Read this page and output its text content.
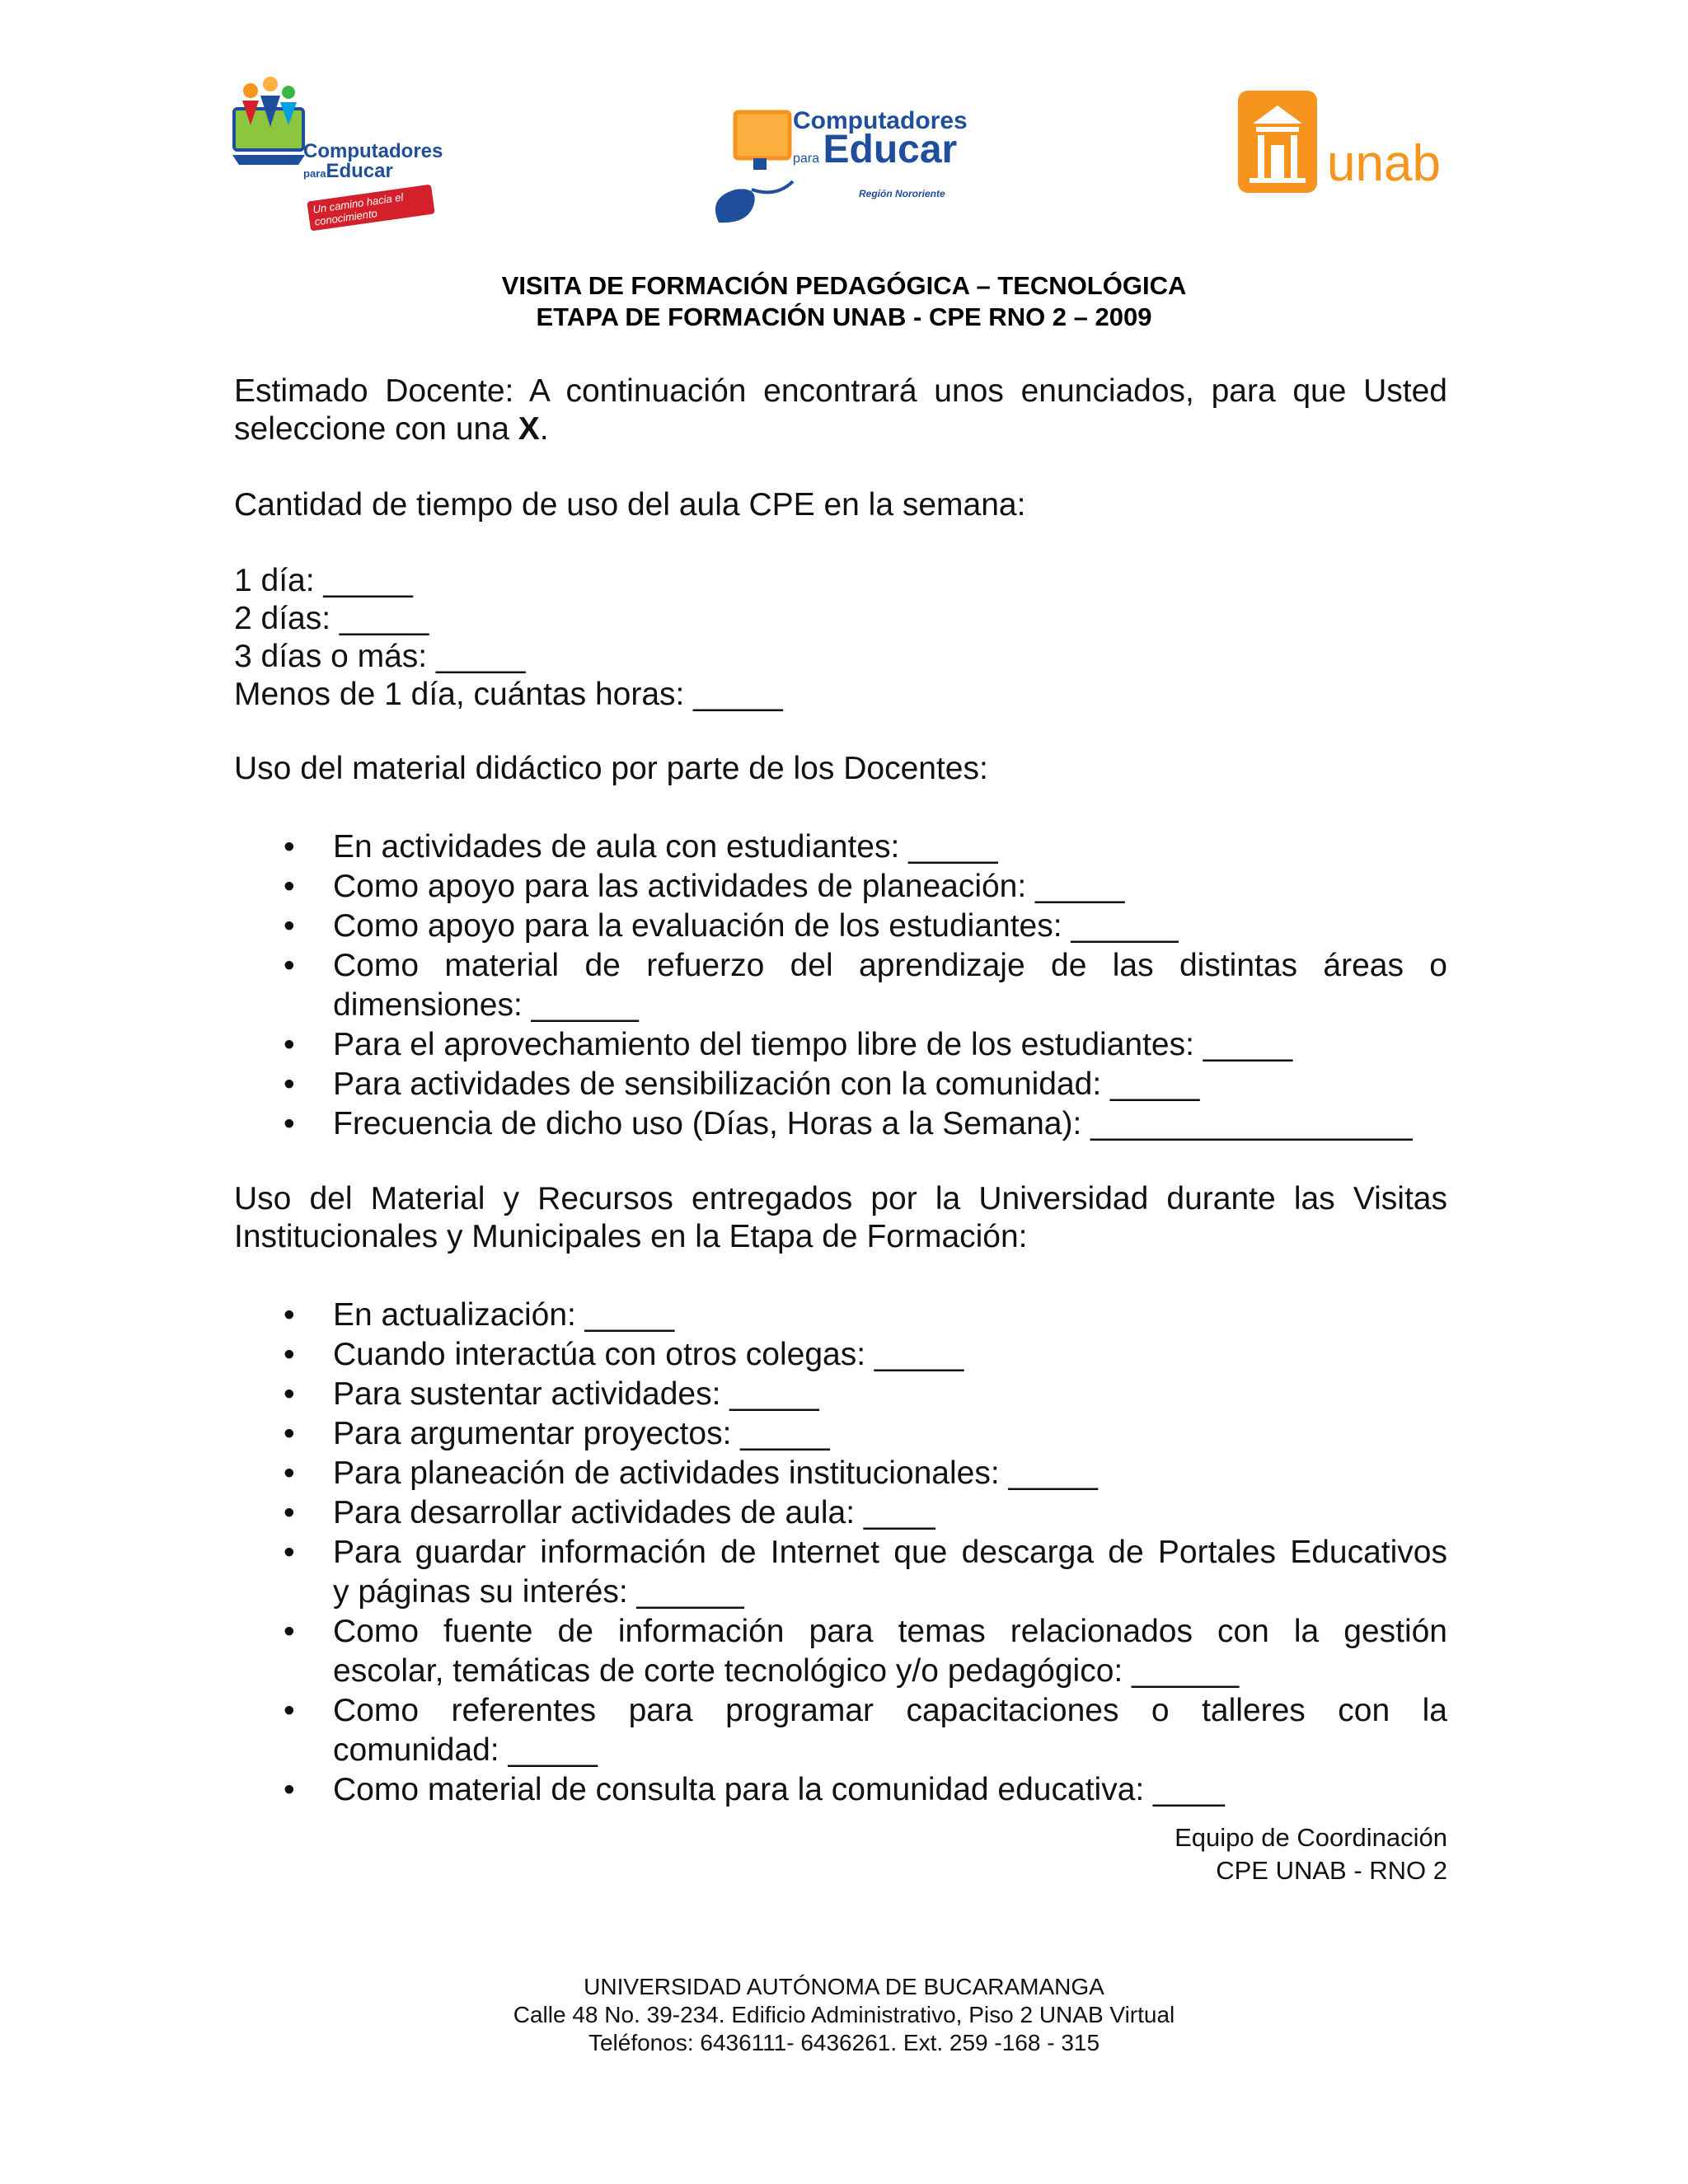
Computadores
paraEducar
Un camino hacia el conocimiento
Computadores
para Educar
Región Nororiente
unab
VISITA DE FORMACIÓN PEDAGÓGICA – TECNOLÓGICA
ETAPA DE FORMACIÓN UNAB - CPE RNO 2 – 2009
Estimado Docente: A continuación encontrará unos enunciados, para que Usted
seleccione con una X.
Cantidad de tiempo de uso del aula CPE en la semana:
1 día: _____
2 días: _____
3 días o más: _____
Menos de 1 día, cuántas horas: _____
Uso del material didáctico por parte de los Docentes:
•
En actividades de aula con estudiantes: _____
•
Como apoyo para las actividades de planeación: _____
•
Como apoyo para la evaluación de los estudiantes: ______
•
Como material de refuerzo del aprendizaje de las distintas áreas o
dimensiones: ______
•
Para el aprovechamiento del tiempo libre de los estudiantes: _____
•
Para actividades de sensibilización con la comunidad: _____
•
Frecuencia de dicho uso (Días, Horas a la Semana): __________________
Uso del Material y Recursos entregados por la Universidad durante las Visitas
Institucionales y Municipales en la Etapa de Formación:
•
En actualización: _____
•
Cuando interactúa con otros colegas: _____
•
Para sustentar actividades: _____
•
Para argumentar proyectos: _____
•
Para planeación de actividades institucionales: _____
•
Para desarrollar actividades de aula: ____
•
Para guardar información de Internet que descarga de Portales Educativos
y páginas su interés: ______
•
Como fuente de información para temas relacionados con la gestión
escolar, temáticas de corte tecnológico y/o pedagógico: ______
•
Como referentes para programar capacitaciones o talleres con la
comunidad: _____
•
Como material de consulta para la comunidad educativa: ____
Equipo de Coordinación
CPE UNAB - RNO 2
UNIVERSIDAD AUTÓNOMA DE BUCARAMANGA
Calle 48 No. 39-234. Edificio Administrativo, Piso 2 UNAB Virtual
Teléfonos: 6436111- 6436261. Ext. 259 -168 - 315
